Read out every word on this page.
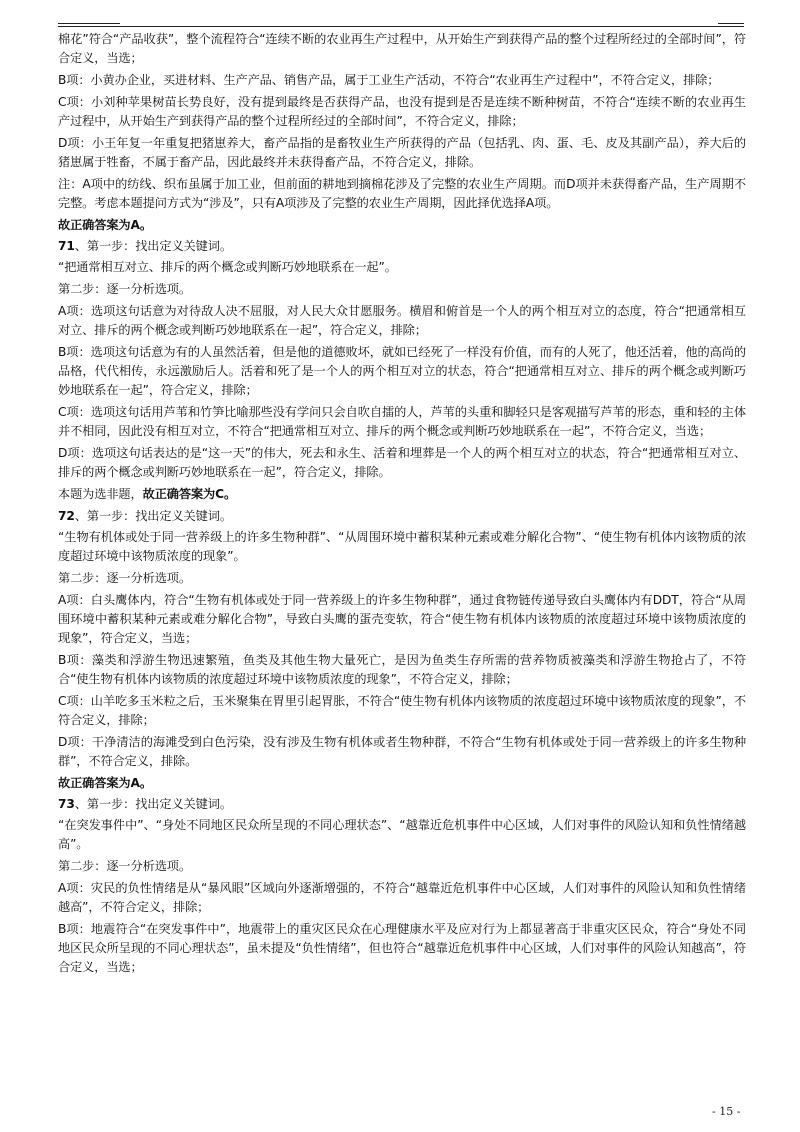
棉花”符合“产品收获”，整个流程符合“连续不断的农业再生产过程中，从开始生产到获得产品的整个过程所经过的全部时间”，符合定义，当选；

B项：小黄办企业，买进材料、生产产品、销售产品，属于工业生产活动，不符合“农业再生产过程中”，不符合定义，排除；

C项：小刘种苹果树苗长势良好，没有提到最终是否获得产品，也没有提到是否是连续不断种树苗，不符合“连续不断的农业再生产过程中，从开始生产到获得产品的整个过程所经过的全部时间”，不符合定义，排除；

D项：小王年复一年重复把猪崽养大，畜产品指的是畜牧业生产所获得的产品（包括乳、肉、蛋、毛、皮及其副产品），养大后的猪崽属于牲畜，不属于畜产品，因此最终并未获得畜产品，不符合定义，排除。

注：A项中的纺线、织布虽属于加工业，但前面的耕地到摘棉花涉及了完整的农业生产周期。而D项并未获得畜产品，生产周期不完整。考虑本题提问方式为“涉及”，只有A项涉及了完整的农业生产周期，因此择优选择A项。

故正确答案为A。

71、第一步：找出定义关键词。

“把通常相互对立、排斥的两个概念或判断巧妙地联系在一起”。

第二步：逐一分析选项。

A项：选项这句话意为对待敌人决不屈服，对人民大众甘愿服务。横眉和俯首是一个人的两个相互对立的态度，符合“把通常相互对立、排斥的两个概念或判断巧妙地联系在一起”，符合定义，排除；

B项：选项这句话意为有的人虽然活着，但是他的道德败坏，就如已经死了一样没有价值，而有的人死了，他还活着，他的高尚的品格，代代相传，永远激励后人。活着和死了是一个人的两个相互对立的状态，符合“把通常相互对立、排斥的两个概念或判断巧妙地联系在一起”，符合定义，排除；

C项：选项这句话用芦苇和竹笋比喻那些没有学问只会自吹自擂的人，芦苇的头重和脚轻只是客观描写芦苇的形态，重和轻的主体并不相同，因此没有相互对立，不符合“把通常相互对立、排斥的两个概念或判断巧妙地联系在一起”，不符合定义，当选；

D项：选项这句话表达的是“这一天”的伟大，死去和永生、活着和埋葬是一个人的两个相互对立的状态，符合“把通常相互对立、排斥的两个概念或判断巧妙地联系在一起”，符合定义，排除。

本题为选非题，故正确答案为C。

72、第一步：找出定义关键词。

“生物有机体或处于同一营养级上的许多生物种群”、“从周围环境中蓄积某种元素或难分解化合物”、“使生物有机体内该物质的浓度超过环境中该物质浓度的现象”。

第二步：逐一分析选项。

A项：白头鹰体内，符合“生物有机体或处于同一营养级上的许多生物种群”，通过食物链传递导致白头鹰体内有DDT，符合“从周围环境中蓄积某种元素或难分解化合物”，导致白头鹰的蛋壳变软，符合“使生物有机体内该物质的浓度超过环境中该物质浓度的现象”，符合定义，当选；

B项：藻类和浮游生物迅速繁殖，鱼类及其他生物大量死亡，是因为鱼类生存所需的营养物质被藻类和浮游生物抢占了，不符合“使生物有机体内该物质的浓度超过环境中该物质浓度的现象”，不符合定义，排除；

C项：山羊吃多玉米粒之后，玉米聚集在胃里引起胃胀，不符合“使生物有机体内该物质的浓度超过环境中该物质浓度的现象”，不符合定义，排除；

D项：干净清洁的海滩受到白色污染，没有涉及生物有机体或者生物种群，不符合“生物有机体或处于同一营养级上的许多生物种群”，不符合定义，排除。

故正确答案为A。

73、第一步：找出定义关键词。

“在突发事件中”、“身处不同地区民众所呈现的不同心理状态”、“越靠近危机事件中心区域，人们对事件的风险认知和负性情绪越高”。

第二步：逐一分析选项。

A项：灾民的负性情绪是从“暴风眼”区域向外逐渐增强的，不符合“越靠近危机事件中心区域，人们对事件的风险认知和负性情绪越高”，不符合定义，排除；

B项：地震符合“在突发事件中”，地震带上的重灾区民众在心理健康水平及应对行为上都显著高于非重灾区民众，符合“身处不同地区民众所呈现的不同心理状态”，虽未提及“负性情绪”，但也符合“越靠近危机事件中心区域，人们对事件的风险认知越高”，符合定义，当选；

- 15 -
